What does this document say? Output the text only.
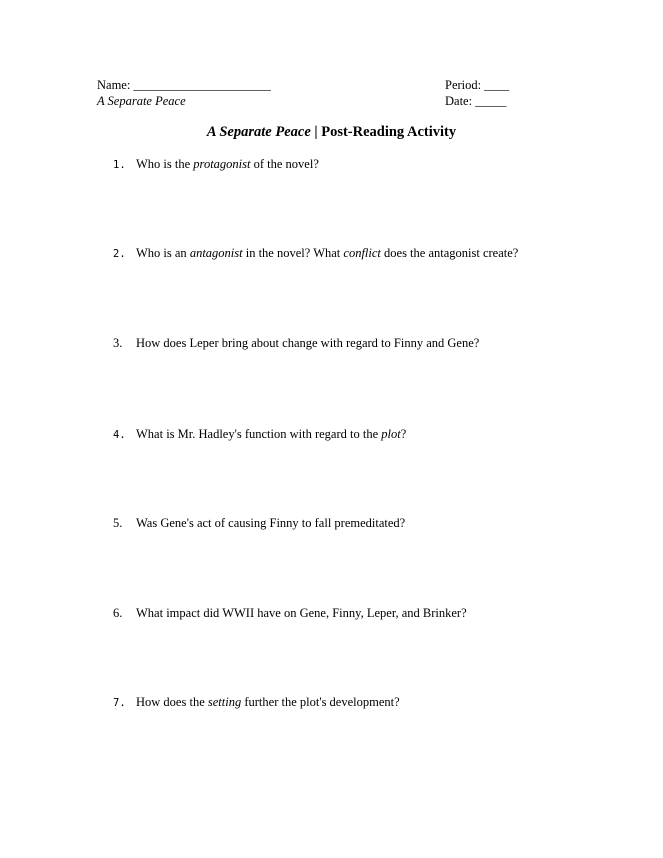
Name: ______________________
A Separate Peace
Period: ____
Date: _____
A Separate Peace | Post-Reading Activity
1. Who is the protagonist of the novel?
2. Who is an antagonist in the novel? What conflict does the antagonist create?
3. How does Leper bring about change with regard to Finny and Gene?
4. What is Mr. Hadley's function with regard to the plot?
5. Was Gene's act of causing Finny to fall premeditated?
6. What impact did WWII have on Gene, Finny, Leper, and Brinker?
7. How does the setting further the plot's development?
